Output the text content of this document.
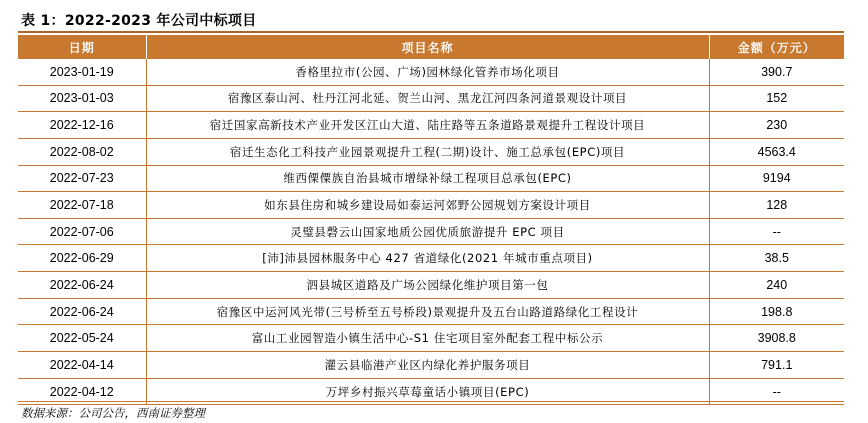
表 1：2022-2023 年公司中标项目
日期	项目名称	金额（万元）
2023-01-19	香格里拉市(公园、广场)园林绿化管养市场化项目	390.7
2023-01-03	宿豫区泰山河、杜丹江河北延、贺兰山河、黑龙江河四条河道景观设计项目	152
2022-12-16	宿迁国家高新技术产业开发区江山大道、陆庄路等五条道路景观提升工程设计项目	230
2022-08-02	宿迁生态化工科技产业园景观提升工程(二期)设计、施工总承包(EPC)项目	4563.4
2022-07-23	维西傈僳族自治县城市增绿补绿工程项目总承包(EPC)	9194
2022-07-18	如东县住房和城乡建设局如泰运河郊野公园规划方案设计项目	128
2022-07-06	灵璧县磬云山国家地质公园优质旅游提升 EPC 项目	--
2022-06-29	[沛]沛县园林服务中心 427 省道绿化(2021 年城市重点项目)	38.5
2022-06-24	泗县城区道路及广场公园绿化维护项目第一包	240
2022-06-24	宿豫区中运河风光带(三号桥至五号桥段)景观提升及五台山路道路绿化工程设计	198.8
2022-05-24	富山工业园智造小镇生活中心-S1 住宅项目室外配套工程中标公示	3908.8
2022-04-14	灌云县临港产业区内绿化养护服务项目	791.1
2022-04-12	万坪乡村振兴草莓童话小镇项目(EPC)	--
数据来源：公司公告，西南证券整理
